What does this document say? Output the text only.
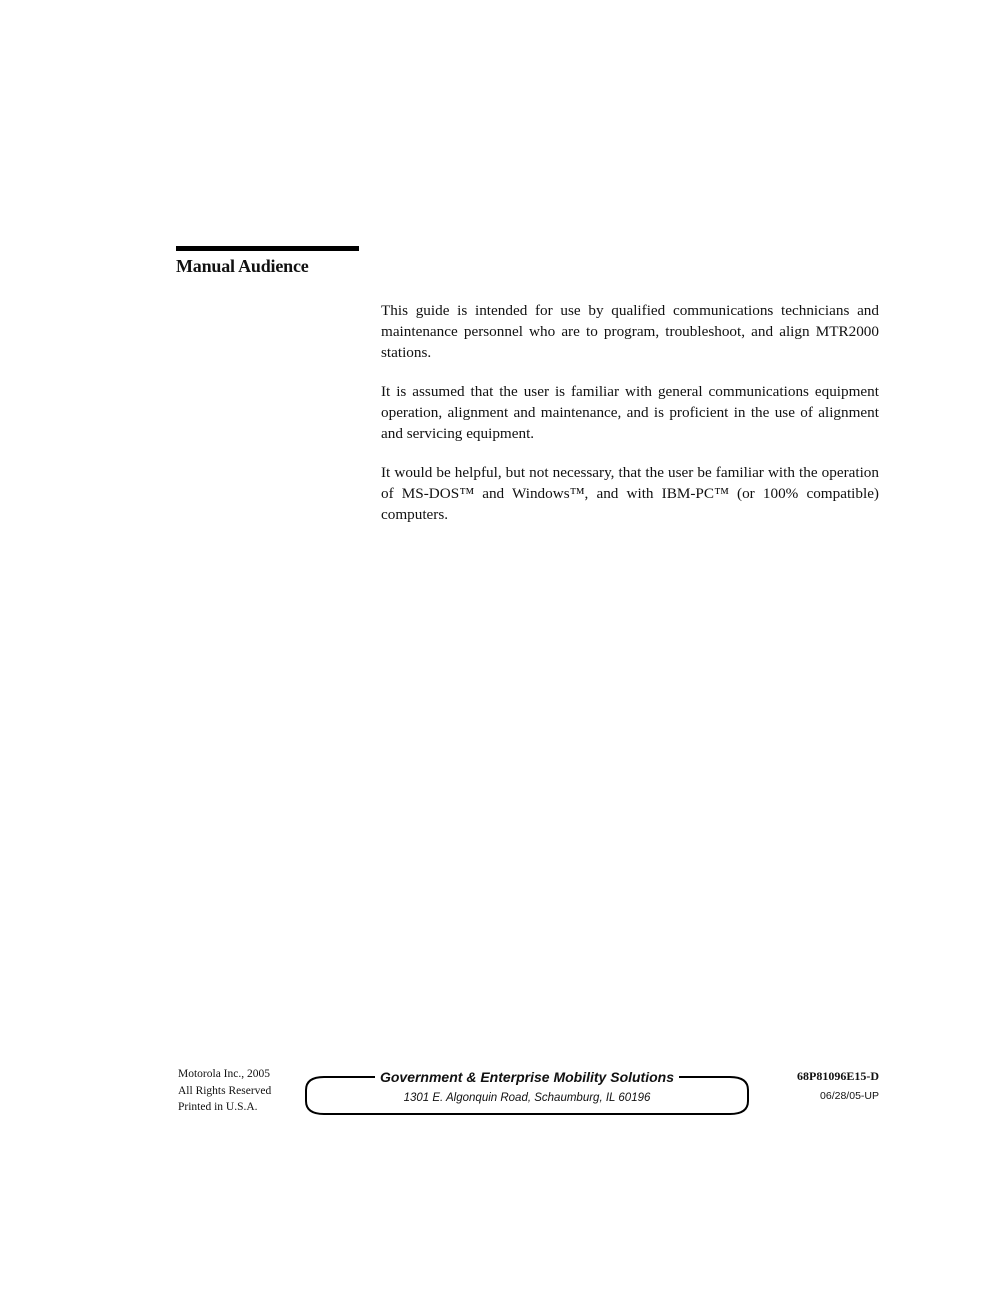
Manual Audience

This guide is intended for use by qualified communications technicians and maintenance personnel who are to program, troubleshoot, and align MTR2000 stations.

It is assumed that the user is familiar with general communications equipment operation, alignment and maintenance, and is proficient in the use of alignment and servicing equipment.

It would be helpful, but not necessary, that the user be familiar with the operation of MS-DOS™ and Windows™, and with IBM-PC™ (or 100% compatible) computers.

Motorola Inc., 2005
All Rights Reserved
Printed in U.S.A.
Government & Enterprise Mobility Solutions
1301 E. Algonquin Road, Schaumburg, IL 60196
68P81096E15-D
06/28/05-UP
